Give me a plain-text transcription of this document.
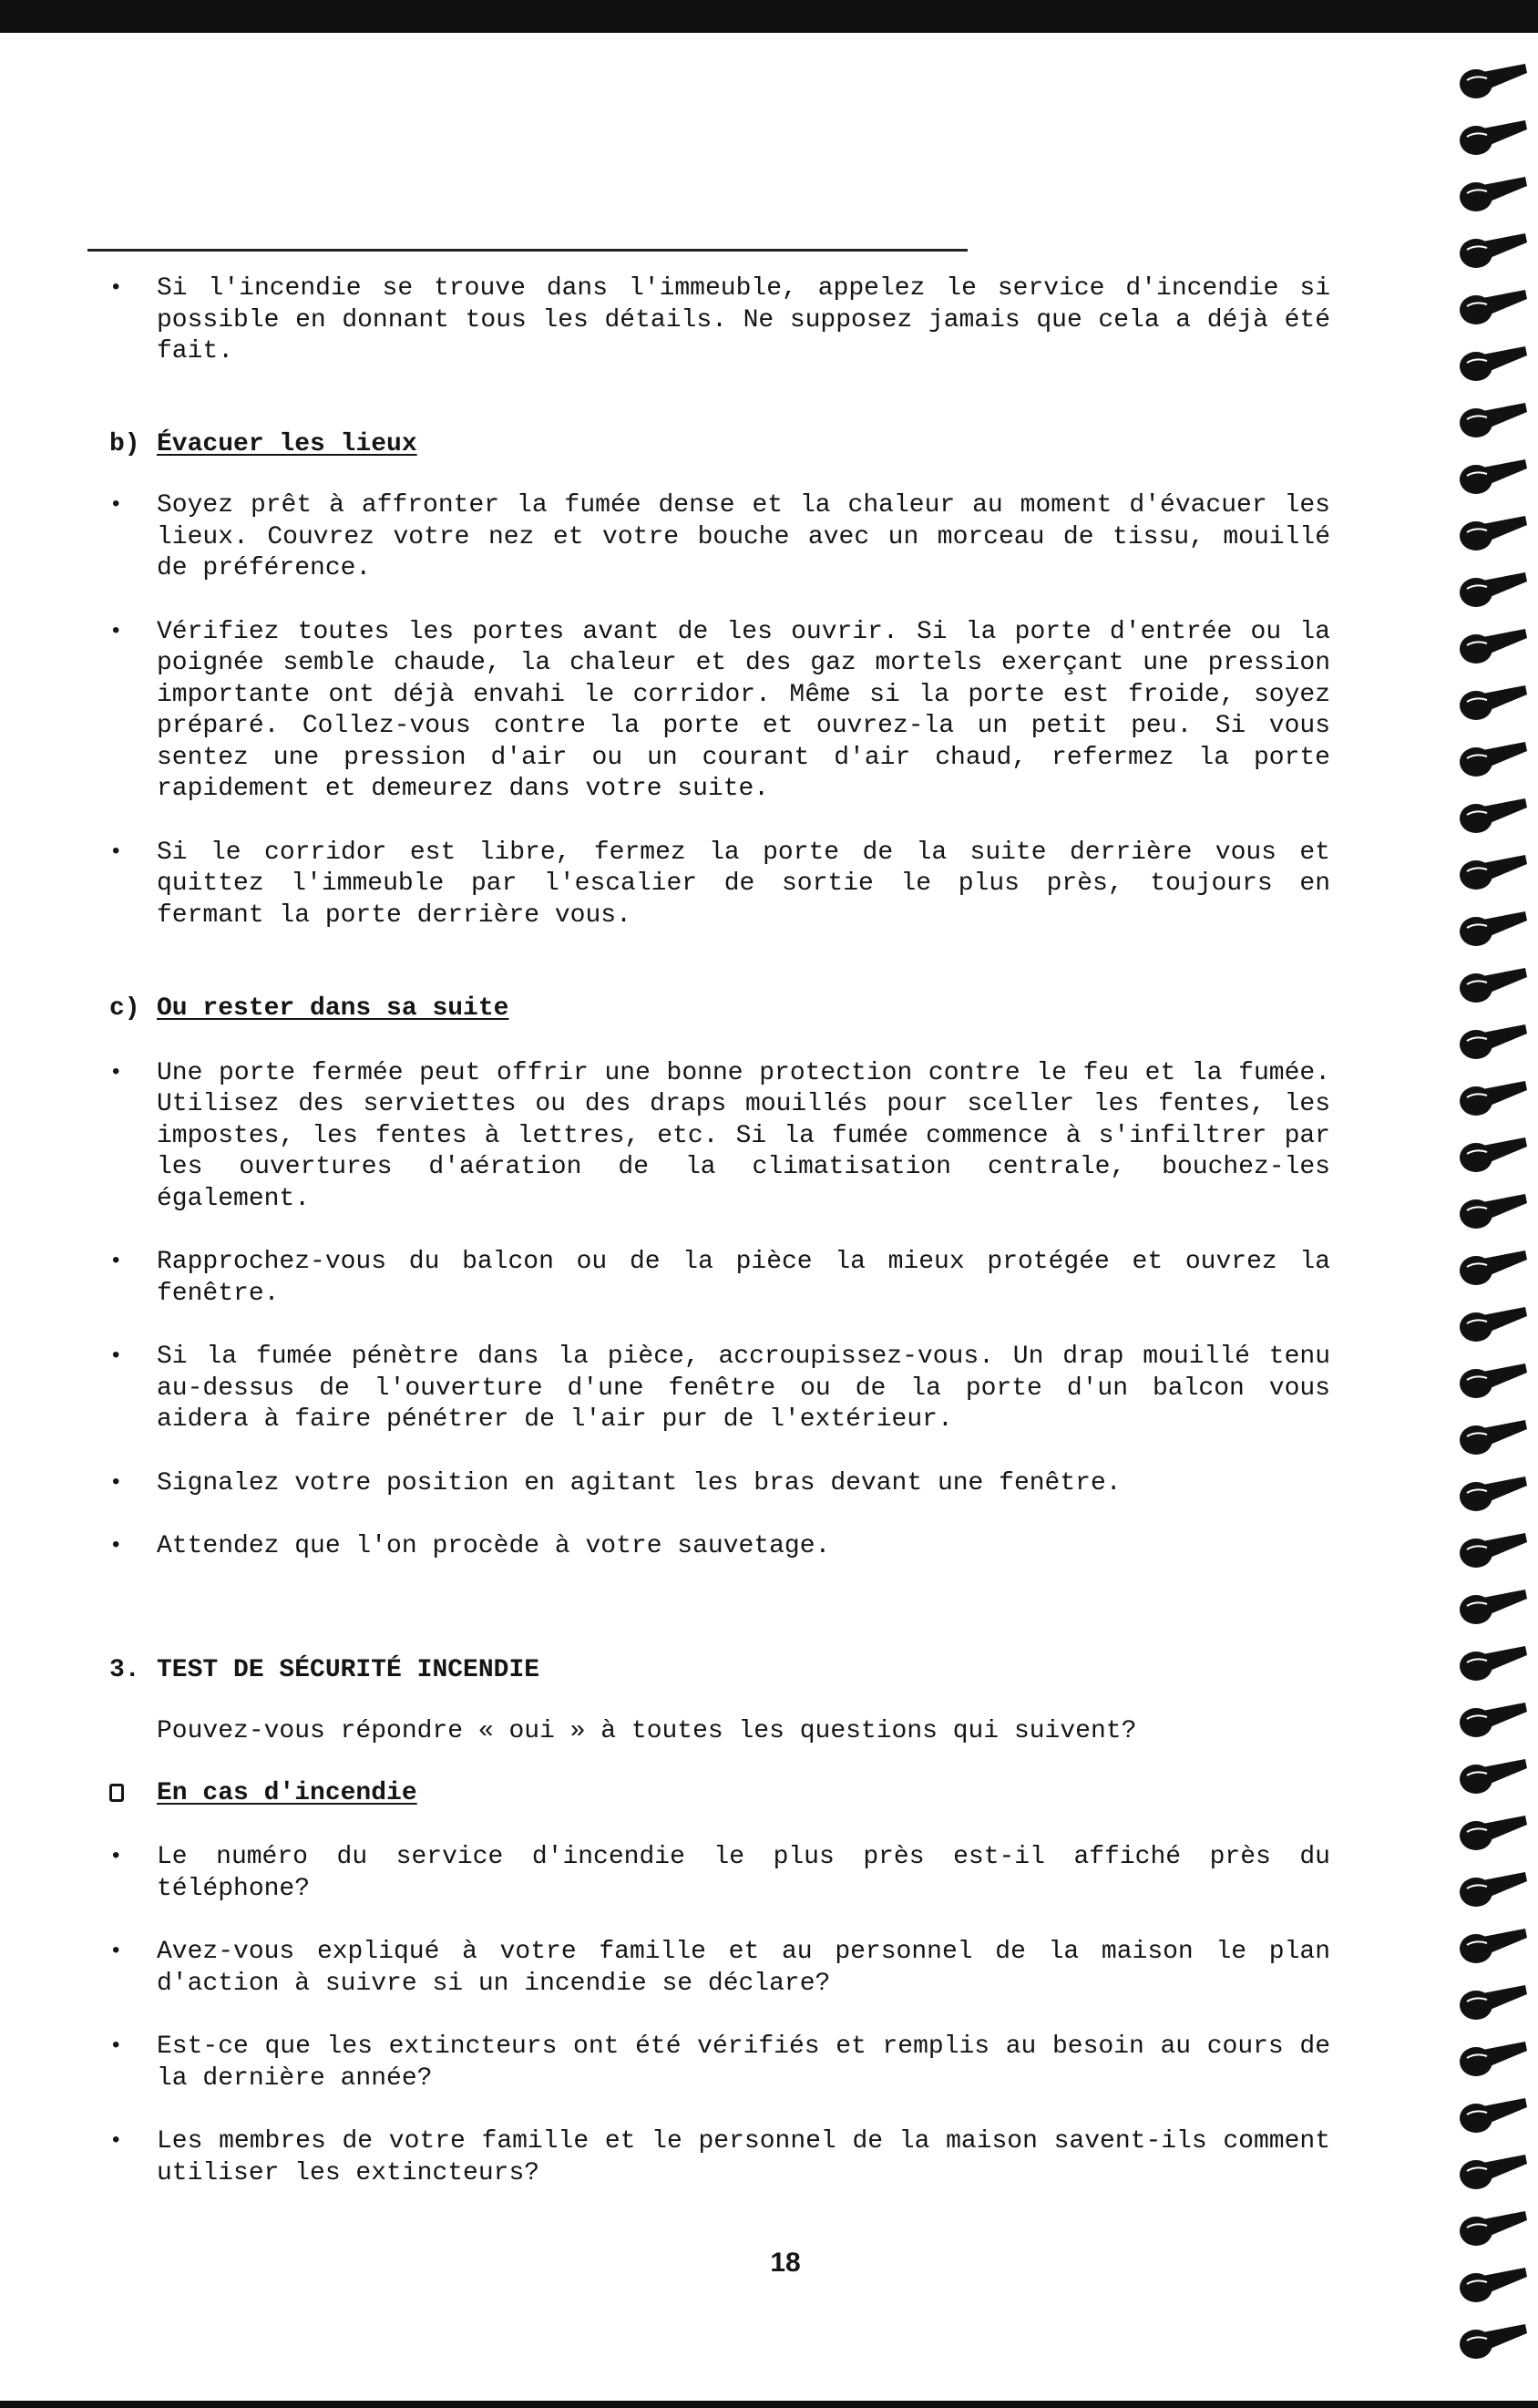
• Si l'incendie se trouve dans l'immeuble, appelez le service d'incendie si possible en donnant tous les détails. Ne supposez jamais que cela a déjà été fait.

b) Évacuer les lieux

• Soyez prêt à affronter la fumée dense et la chaleur au moment d'évacuer les lieux. Couvrez votre nez et votre bouche avec un morceau de tissu, mouillé de préférence.

• Vérifiez toutes les portes avant de les ouvrir. Si la porte d'entrée ou la poignée semble chaude, la chaleur et des gaz mortels exerçant une pression importante ont déjà envahi le corridor. Même si la porte est froide, soyez préparé. Collez-vous contre la porte et ouvrez-la un petit peu. Si vous sentez une pression d'air ou un courant d'air chaud, refermez la porte rapidement et demeurez dans votre suite.

• Si le corridor est libre, fermez la porte de la suite derrière vous et quittez l'immeuble par l'escalier de sortie le plus près, toujours en fermant la porte derrière vous.

c) Ou rester dans sa suite

• Une porte fermée peut offrir une bonne protection contre le feu et la fumée. Utilisez des serviettes ou des draps mouillés pour sceller les fentes, les impostes, les fentes à lettres, etc. Si la fumée commence à s'infiltrer par les ouvertures d'aération de la climatisation centrale, bouchez-les également.

• Rapprochez-vous du balcon ou de la pièce la mieux protégée et ouvrez la fenêtre.

• Si la fumée pénètre dans la pièce, accroupissez-vous. Un drap mouillé tenu au-dessus de l'ouverture d'une fenêtre ou de la porte d'un balcon vous aidera à faire pénétrer de l'air pur de l'extérieur.

• Signalez votre position en agitant les bras devant une fenêtre.

• Attendez que l'on procède à votre sauvetage.

3. TEST DE SÉCURITÉ INCENDIE

Pouvez-vous répondre « oui » à toutes les questions qui suivent?

En cas d'incendie

• Le numéro du service d'incendie le plus près est-il affiché près du téléphone?

• Avez-vous expliqué à votre famille et au personnel de la maison le plan d'action à suivre si un incendie se déclare?

• Est-ce que les extincteurs ont été vérifiés et remplis au besoin au cours de la dernière année?

• Les membres de votre famille et le personnel de la maison savent-ils comment utiliser les extincteurs?

18
